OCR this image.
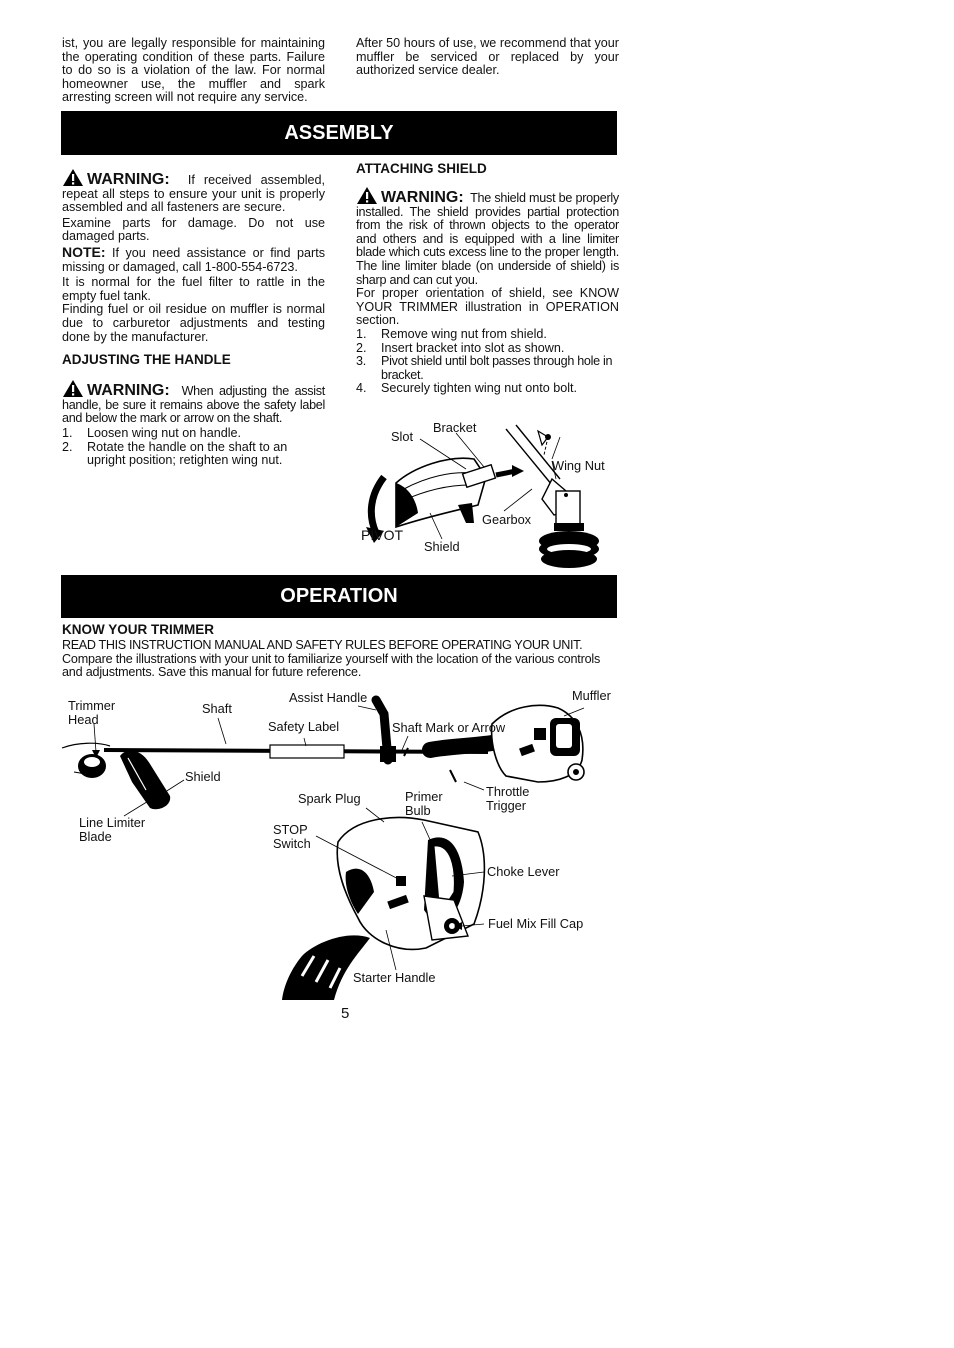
ist, you are legally responsible for maintaining the operating condition of these parts. Failure to do so is a violation of the law. For normal homeowner use, the muffler and spark arresting screen will not require any service.

After 50 hours of use, we recommend that your muffler be serviced or replaced by your authorized service dealer.

ASSEMBLY

WARNING: If received assembled, repeat all steps to ensure your unit is properly assembled and all fasteners are secure.

Examine parts for damage. Do not use damaged parts.

NOTE: If you need assistance or find parts missing or damaged, call 1-800-554-6723.

It is normal for the fuel filter to rattle in the empty fuel tank.

Finding fuel or oil residue on muffler is normal due to carburetor adjustments and testing done by the manufacturer.

ADJUSTING THE HANDLE

WARNING: When adjusting the assist handle, be sure it remains above the safety label and below the mark or arrow on the shaft.

1. Loosen wing nut on handle.
2. Rotate the handle on the shaft to an upright position; retighten wing nut.

ATTACHING SHIELD

WARNING: The shield must be properly installed. The shield provides partial protection from the risk of thrown objects to the operator and others and is equipped with a line limiter blade which cuts excess line to the proper length. The line limiter blade (on underside of shield) is sharp and can cut you.

For proper orientation of shield, see KNOW YOUR TRIMMER illustration in OPERATION section.

1. Remove wing nut from shield.
2. Insert bracket into slot as shown.
3. Pivot shield until bolt passes through hole in bracket.
4. Securely tighten wing nut onto bolt.
Bracket
Slot
Wing Nut
Gearbox
PIVOT
Shield
OPERATION

KNOW YOUR TRIMMER

READ THIS INSTRUCTION MANUAL AND SAFETY RULES BEFORE OPERATING YOUR UNIT.

Compare the illustrations with your unit to familiarize yourself with the location of the various controls and adjustments. Save this manual for future reference.

Trimmer
Head
Shaft
Assist Handle	Muffler
Safety Label	Shaft Mark or Arrow
Shield
Line Limiter
Blade
Spark Plug	Primer
Bulb
Throttle
Trigger
STOP
Switch
Choke Lever
Fuel Mix Fill Cap
Starter Handle
5
